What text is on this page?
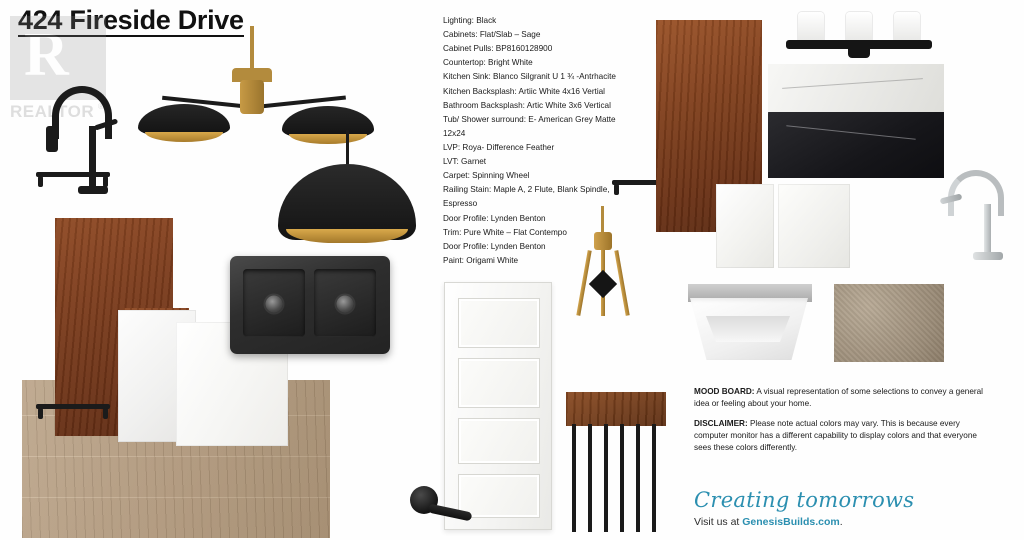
424 Fireside Drive
R
REALTOR ®
Lighting: Black
Cabinets: Flat/Slab – Sage
Cabinet Pulls: BP8160128900
Countertop: Bright White
Kitchen Sink: Blanco Silgranit U 1 ¾ -Antrhacite
Kitchen Backsplash: Artiic White 4x16 Vertial
Bathroom Backsplash: Artic White 3x6 Vertical
Tub/ Shower surround: E- American Grey Matte 12x24
LVP: Roya- Difference Feather
LVT: Garnet
Carpet: Spinning Wheel
Railing Stain: Maple A, 2 Flute, Blank Spindle, Espresso
Door Profile: Lynden Benton
Trim: Pure White – Flat Contempo
Door Profile: Lynden Benton
Paint: Origami White

MOOD BOARD: A visual representation of some selections to convey a general idea or feeling about your home.

DISCLAIMER: Please note actual colors may vary. This is because every computer monitor has a different capability to display colors and that everyone sees these colors differently.

Creating tomorrows
Visit us at GenesisBuilds.com.
